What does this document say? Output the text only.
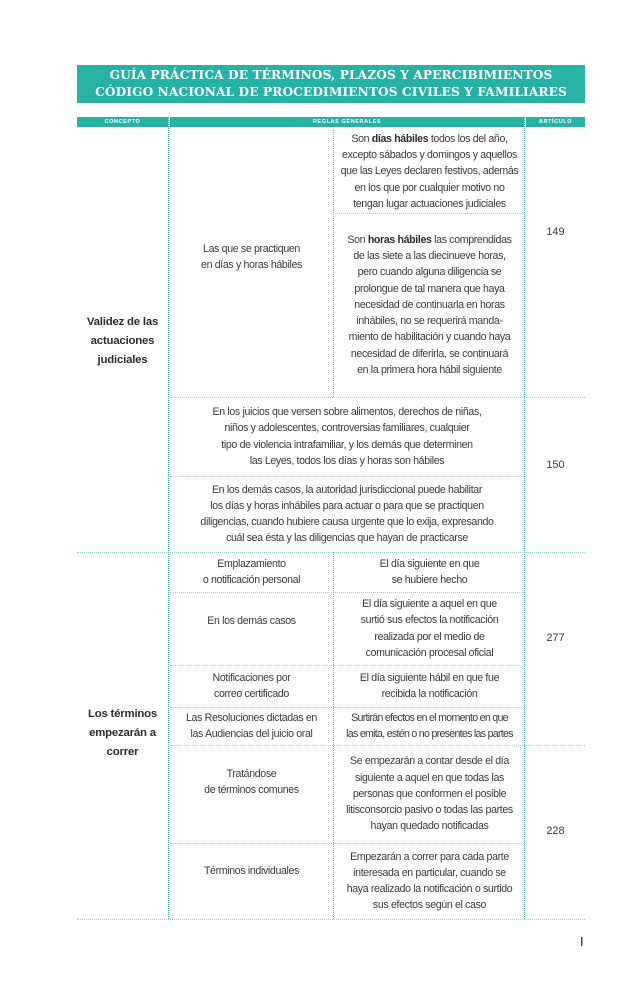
GUÍA PRÁCTICA DE TÉRMINOS, PLAZOS Y APERCIBIMIENTOS
CÓDIGO NACIONAL DE PROCEDIMIENTOS CIVILES Y FAMILIARES
CONCEPTO	REGLAS GENERALES	ARTÍCULO

Validez de las

actuaciones

judiciales

Las que se practiquen

en días y horas hábiles

Son días hábiles todos los del año,

excepto sábados y domingos y aquellos

que las Leyes declaren festivos, además

en los que por cualquier motivo no

tengan lugar actuaciones judiciales

Son horas hábiles las comprendidas

de las siete a las diecinueve horas,

pero cuando alguna diligencia se

prolongue de tal manera que haya

necesidad de continuarla en horas

inhábiles, no se requerirá manda-

miento de habilitación y cuando haya

necesidad de diferirla, se continuará

en la primera hora hábil siguiente

149

En los juicios que versen sobre alimentos, derechos de niñas,

niños y adolescentes, controversias familiares, cualquier

tipo de violencia intrafamiliar, y los demás que determinen

las Leyes, todos los días y horas son hábiles

En los demás casos, la autoridad jurisdiccional puede habilitar

los días y horas inhábiles para actuar o para que se practiquen

diligencias, cuando hubiere causa urgente que lo exija, expresando

cuál sea ésta y las diligencias que hayan de practicarse

150

Los términos

empezarán a

correr

Emplazamiento

o notificación personal

El día siguiente en que

se hubiere hecho

En los demás casos

El día siguiente a aquel en que

surtió sus efectos la notificación

realizada por el medio de

comunicación procesal oficial

Notificaciones por

correo certificado

El día siguiente hábil en que fue

recibida la notificación

Las Resoluciones dictadas en

las Audiencias del juicio oral

Surtirán efectos en el momento en que

las emita, estén o no presentes las partes

277

Tratándose

de términos comunes

Se empezarán a contar desde el día

siguiente a aquel en que todas las

personas que conformen el posible

litisconsorcio pasivo o todas las partes

hayan quedado notificadas

Términos individuales

Empezarán a correr para cada parte

interesada en particular, cuando se

haya realizado la notificación o surtido

sus efectos según el caso

228
I
